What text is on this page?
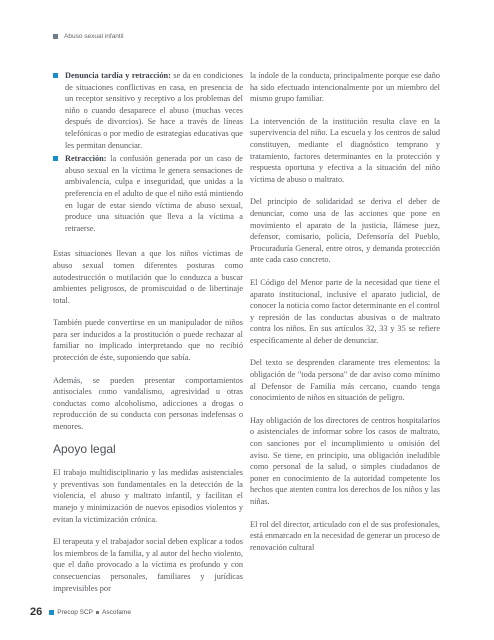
Abuso sexual infantil

Denuncia tardía y retracción: se da en condiciones de situaciones conflictivas en casa, en presencia de un receptor sensitivo y receptivo a los problemas del niño o cuando desaparece el abuso (muchas veces después de divorcios). Se hace a través de líneas telefónicas o por medio de estrategias educativas que les permitan denunciar.

Retracción: la confusión generada por un caso de abuso sexual en la víctima le genera sensaciones de ambivalencia, culpa e inseguridad, que unidas a la preferencia en el adulto de que el niño está mintiendo en lugar de estar siendo víctima de abuso sexual, produce una situación que lleva a la víctima a retraerse.

Estas situaciones llevan a que los niños víctimas de abuso sexual tomen diferentes posturas como autodestrucción o mutilación que lo conduzca a buscar ambientes peligrosos, de promiscuidad o de libertinaje total.

También puede convertirse en un manipulador de niños para ser inducidos a la prostitución o puede rechazar al familiar no implicado interpretando que no recibió protección de éste, suponiendo que sabía.

Además, se pueden presentar comportamientos antisociales como vandalismo, agresividad u otras conductas como alcoholismo, adicciones a drogas o reproducción de su conducta con personas indefensas o menores.

Apoyo legal

El trabajo multidisciplinario y las medidas asistenciales y preventivas son fundamentales en la detección de la violencia, el abuso y maltrato infantil, y facilitan el manejo y minimización de nuevos episodios violentos y evitan la victimización crónica.

El terapeuta y el trabajador social deben explicar a todos los miembros de la familia, y al autor del hecho violento, que el daño provocado a la víctima es profundo y con consecuencias personales, familiares y jurídicas imprevisibles por

la índole de la conducta, principalmente porque ese daño ha sido efectuado intencionalmente por un miembro del mismo grupo familiar.

La intervención de la institución resulta clave en la supervivencia del niño. La escuela y los centros de salud constituyen, mediante el diagnóstico temprano y tratamiento, factores determinantes en la protección y respuesta oportuna y efectiva a la situación del niño víctima de abuso o maltrato.

Del principio de solidaridad se deriva el deber de denunciar, como una de las acciones que pone en movimiento el aparato de la justicia, llámese juez, defensor, comisario, policía, Defensoría del Pueblo, Procuraduría General, entre otros, y demanda protección ante cada caso concreto.

El Código del Menor parte de la necesidad que tiene el aparato institucional, inclusive el aparato judicial, de conocer la noticia como factor determinante en el control y represión de las conductas abusivas o de maltrato contra los niños. En sus artículos 32, 33 y 35 se refiere específicamente al deber de denunciar.

Del texto se desprenden claramente tres elementos: la obligación de "toda persona" de dar aviso como mínimo al Defensor de Familia más cercano, cuando tenga conocimiento de niños en situación de peligro.

Hay obligación de los directores de centros hospitalarios o asistenciales de informar sobre los casos de maltrato, con sanciones por el incumplimiento u omisión del aviso. Se tiene, en principio, una obligación ineludible como personal de la salud, o simples ciudadanos de poner en conocimiento de la autoridad competente los hechos que atenten contra los derechos de los niños y las niñas.

El rol del director, articulado con el de sus profesionales, está enmarcado en la necesidad de generar un proceso de renovación cultural

26 Precop SCP Ascofame
